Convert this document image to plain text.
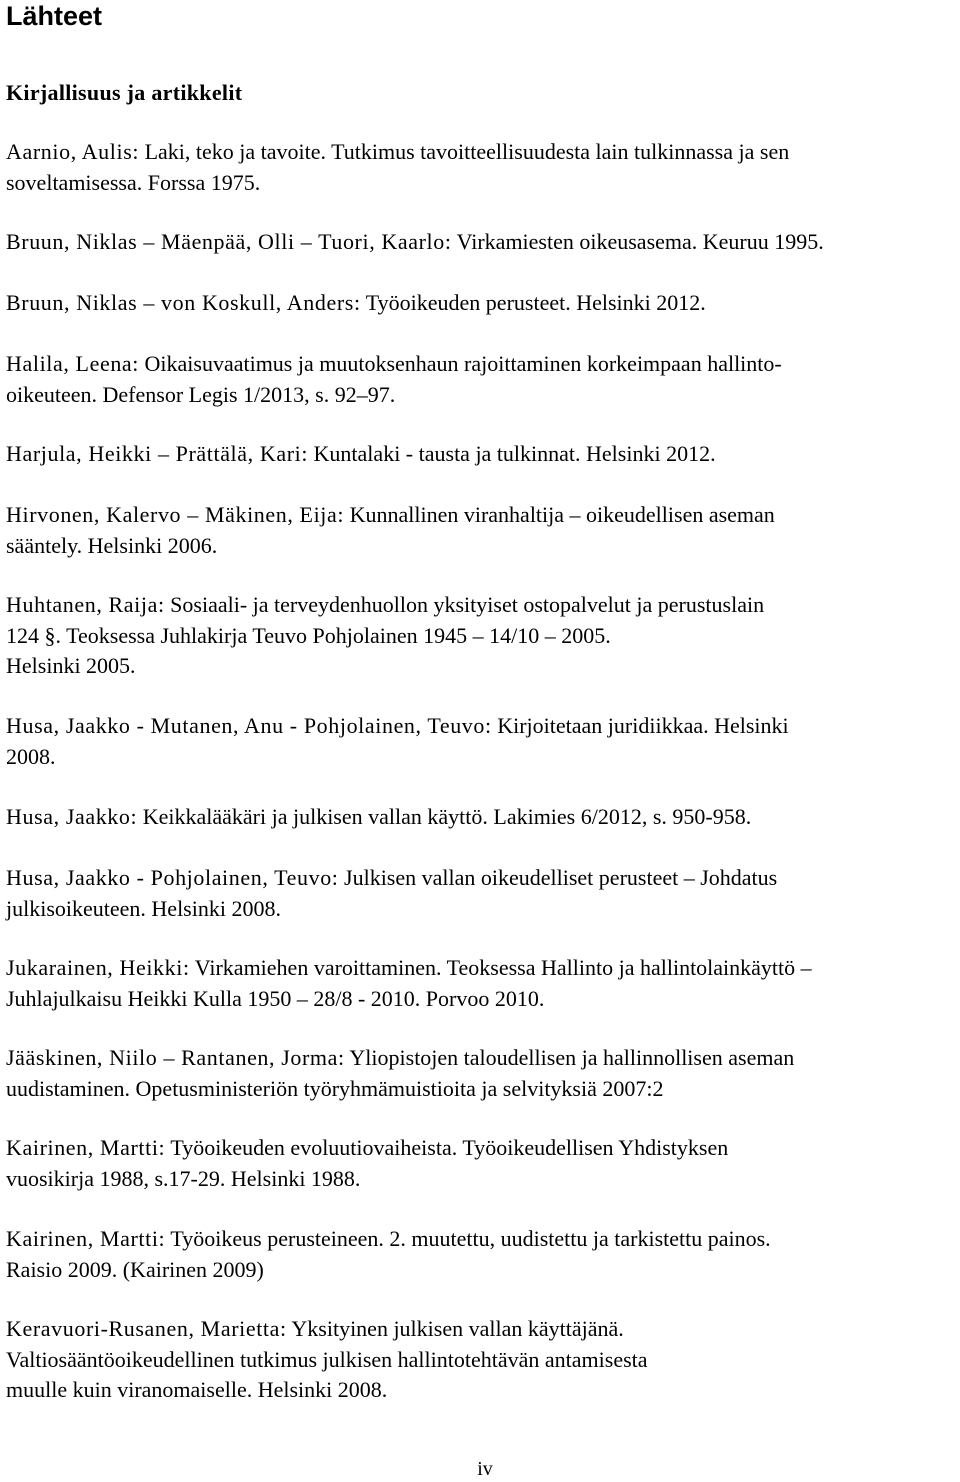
Lähteet
Kirjallisuus ja artikkelit
Aarnio, Aulis: Laki, teko ja tavoite. Tutkimus tavoitteellisuudesta lain tulkinnassa ja sen
soveltamisessa. Forssa 1975.
Bruun, Niklas – Mäenpää, Olli – Tuori, Kaarlo: Virkamiesten oikeusasema. Keuruu 1995.
Bruun, Niklas – von Koskull, Anders: Työoikeuden perusteet. Helsinki 2012.
Halila, Leena: Oikaisuvaatimus ja muutoksenhaun rajoittaminen korkeimpaan hallinto-
oikeuteen. Defensor Legis 1/2013, s. 92–97.
Harjula, Heikki – Prättälä, Kari: Kuntalaki - tausta ja tulkinnat. Helsinki 2012.
Hirvonen, Kalervo – Mäkinen, Eija: Kunnallinen viranhaltija – oikeudellisen aseman
sääntely. Helsinki 2006.
Huhtanen, Raija: Sosiaali- ja terveydenhuollon yksityiset ostopalvelut ja perustuslain
124 §. Teoksessa Juhlakirja Teuvo Pohjolainen 1945 – 14/10 – 2005.
Helsinki 2005.
Husa, Jaakko - Mutanen, Anu - Pohjolainen, Teuvo: Kirjoitetaan juridiikkaa. Helsinki
2008.
Husa, Jaakko: Keikkalääkäri ja julkisen vallan käyttö. Lakimies 6/2012, s. 950-958.
Husa, Jaakko - Pohjolainen, Teuvo: Julkisen vallan oikeudelliset perusteet – Johdatus
julkisoikeuteen. Helsinki 2008.
Jukarainen, Heikki: Virkamiehen varoittaminen. Teoksessa Hallinto ja hallintolainkäyttö –
Juhlajulkaisu Heikki Kulla 1950 – 28/8 - 2010. Porvoo 2010.
Jääskinen, Niilo – Rantanen, Jorma: Yliopistojen taloudellisen ja hallinnollisen aseman
uudistaminen. Opetusministeriön työryhmämuistioita ja selvityksiä 2007:2
Kairinen, Martti: Työoikeuden evoluutiovaiheista. Työoikeudellisen Yhdistyksen
vuosikirja 1988, s.17-29. Helsinki 1988.
Kairinen, Martti: Työoikeus perusteineen. 2. muutettu, uudistettu ja tarkistettu painos.
Raisio 2009. (Kairinen 2009)
Keravuori-Rusanen, Marietta: Yksityinen julkisen vallan käyttäjänä.
Valtiosääntöoikeudellinen tutkimus julkisen hallintotehtävän antamisesta
muulle kuin viranomaiselle. Helsinki 2008.
iv
